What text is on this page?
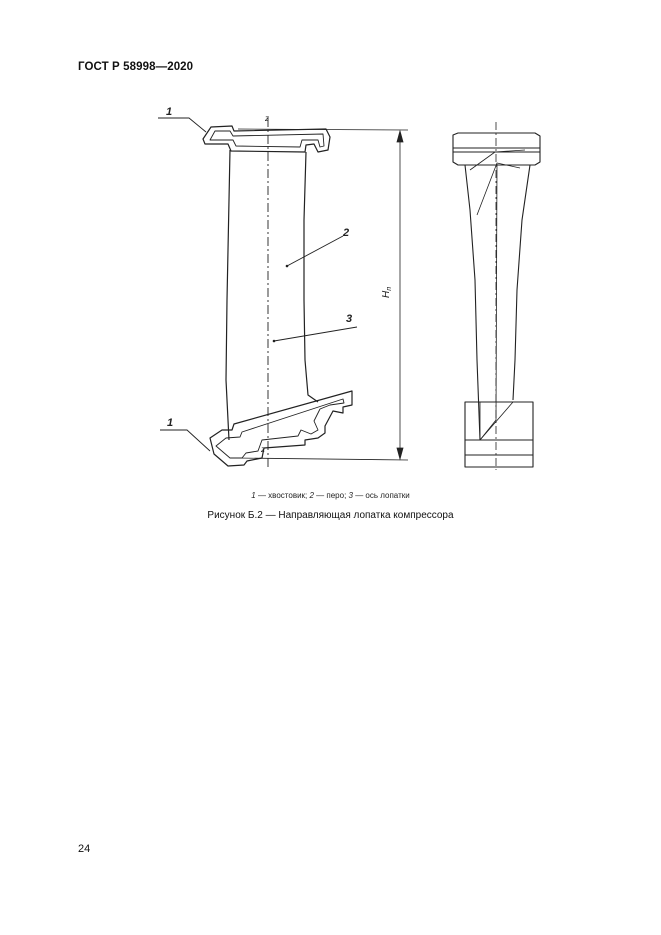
ГОСТ Р 58998—2020
1
2
3
1
z
z
$H_п$
1 — хвостовик; 2 — перо; 3 — ось лопатки
Рисунок Б.2 — Направляющая лопатка компрессора
24
